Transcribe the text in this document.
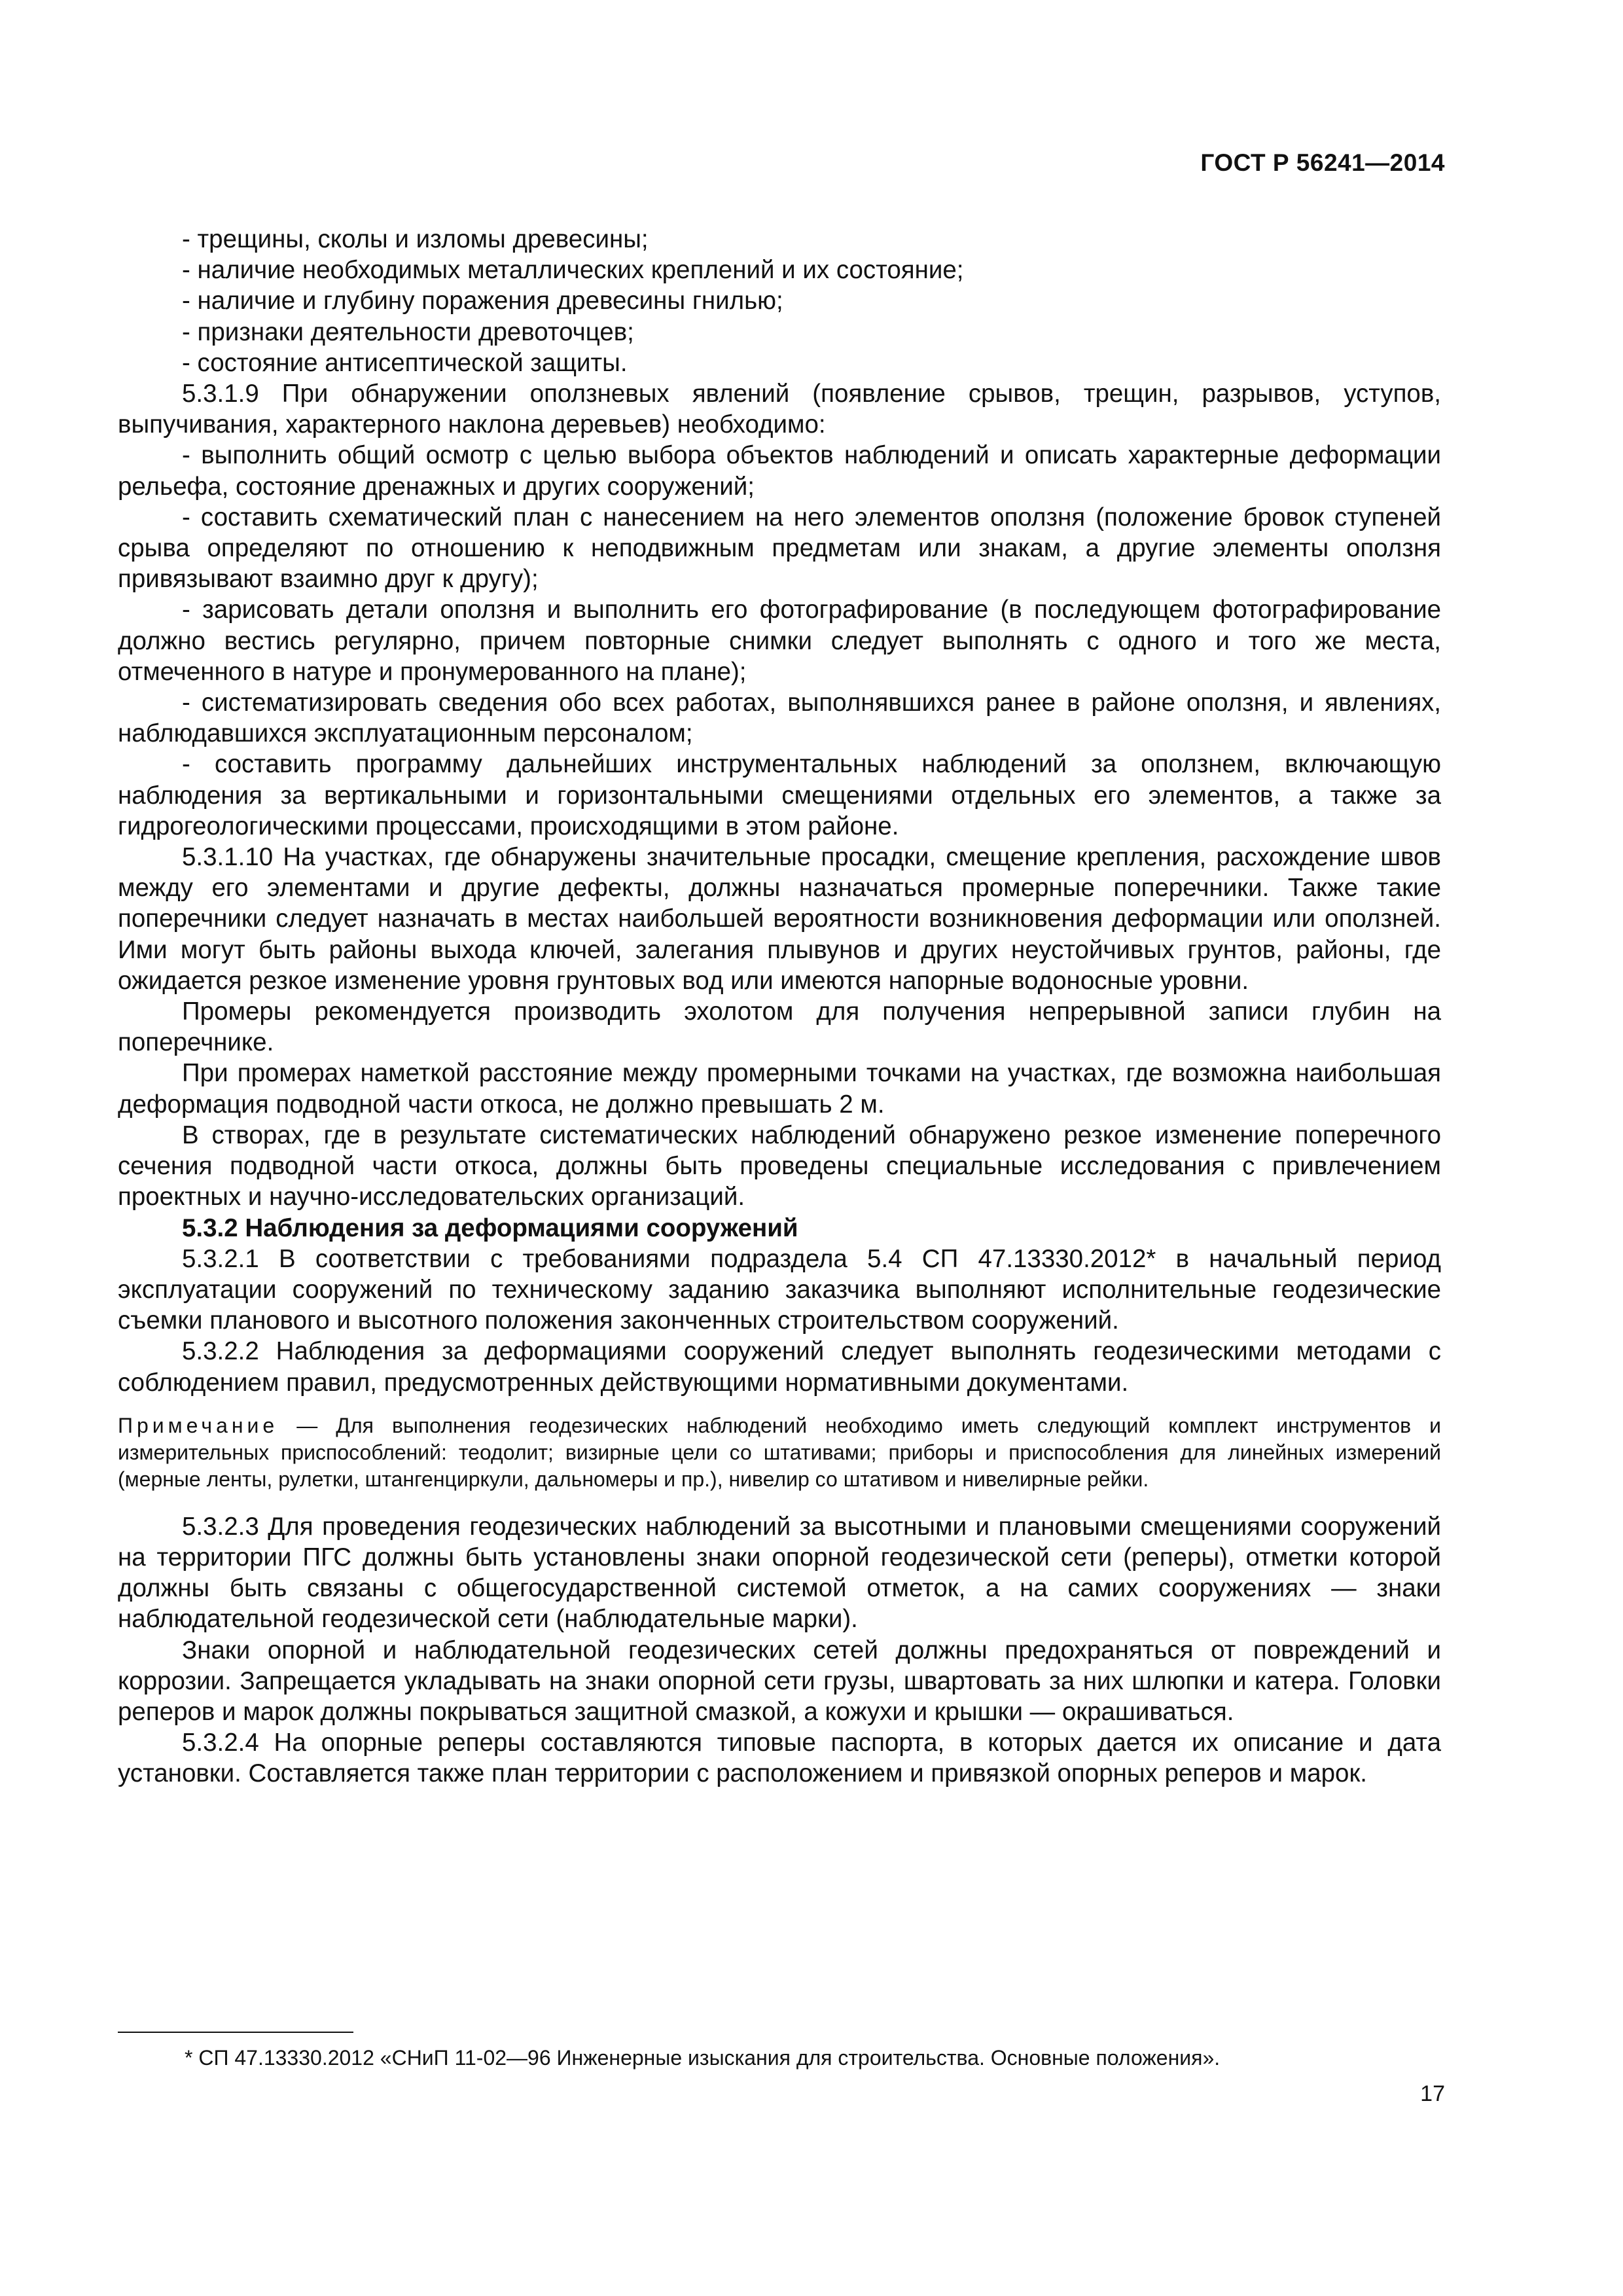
ГОСТ Р 56241—2014

- трещины, сколы и изломы древесины;

- наличие необходимых металлических креплений и их состояние;

- наличие и глубину поражения древесины гнилью;

- признаки деятельности древоточцев;

- состояние антисептической защиты.

5.3.1.9 При обнаружении оползневых явлений (появление срывов, трещин, разрывов, уступов, выпучивания, характерного наклона деревьев) необходимо:

- выполнить общий осмотр с целью выбора объектов наблюдений и описать характерные деформации рельефа, состояние дренажных и других сооружений;

- составить схематический план с нанесением на него элементов оползня (положение бровок ступеней срыва определяют по отношению к неподвижным предметам или знакам, а другие элементы оползня привязывают взаимно друг к другу);

- зарисовать детали оползня и выполнить его фотографирование (в последующем фотографирование должно вестись регулярно, причем повторные снимки следует выполнять с одного и того же места, отмеченного в натуре и пронумерованного на плане);

- систематизировать сведения обо всех работах, выполнявшихся ранее в районе оползня, и явлениях, наблюдавшихся эксплуатационным персоналом;

- составить программу дальнейших инструментальных наблюдений за оползнем, включающую наблюдения за вертикальными и горизонтальными смещениями отдельных его элементов, а также за гидрогеологическими процессами, происходящими в этом районе.

5.3.1.10 На участках, где обнаружены значительные просадки, смещение крепления, расхождение швов между его элементами и другие дефекты, должны назначаться промерные поперечники. Также такие поперечники следует назначать в местах наибольшей вероятности возникновения деформации или оползней. Ими могут быть районы выхода ключей, залегания плывунов и других неустойчивых грунтов, районы, где ожидается резкое изменение уровня грунтовых вод или имеются напорные водоносные уровни.

Промеры рекомендуется производить эхолотом для получения непрерывной записи глубин на поперечнике.

При промерах наметкой расстояние между промерными точками на участках, где возможна наибольшая деформация подводной части откоса, не должно превышать 2 м.

В створах, где в результате систематических наблюдений обнаружено резкое изменение поперечного сечения подводной части откоса, должны быть проведены специальные исследования с привлечением проектных и научно-исследовательских организаций.

5.3.2 Наблюдения за деформациями сооружений

5.3.2.1 В соответствии с требованиями подраздела 5.4 СП 47.13330.2012* в начальный период эксплуатации сооружений по техническому заданию заказчика выполняют исполнительные геодезические съемки планового и высотного положения законченных строительством сооружений.

5.3.2.2 Наблюдения за деформациями сооружений следует выполнять геодезическими методами с соблюдением правил, предусмотренных действующими нормативными документами.

Примечание — Для выполнения геодезических наблюдений необходимо иметь следующий комплект инструментов и измерительных приспособлений: теодолит; визирные цели со штативами; приборы и приспособления для линейных измерений (мерные ленты, рулетки, штангенциркули, дальномеры и пр.), нивелир со штативом и нивелирные рейки.

5.3.2.3 Для проведения геодезических наблюдений за высотными и плановыми смещениями сооружений на территории ПГС должны быть установлены знаки опорной геодезической сети (реперы), отметки которой должны быть связаны с общегосударственной системой отметок, а на самих сооружениях — знаки наблюдательной геодезической сети (наблюдательные марки).

Знаки опорной и наблюдательной геодезических сетей должны предохраняться от повреждений и коррозии. Запрещается укладывать на знаки опорной сети грузы, швартовать за них шлюпки и катера. Головки реперов и марок должны покрываться защитной смазкой, а кожухи и крышки — окрашиваться.

5.3.2.4 На опорные реперы составляются типовые паспорта, в которых дается их описание и дата установки. Составляется также план территории с расположением и привязкой опорных реперов и марок.

* СП 47.13330.2012 «СНиП 11-02—96 Инженерные изыскания для строительства. Основные положения».
17
